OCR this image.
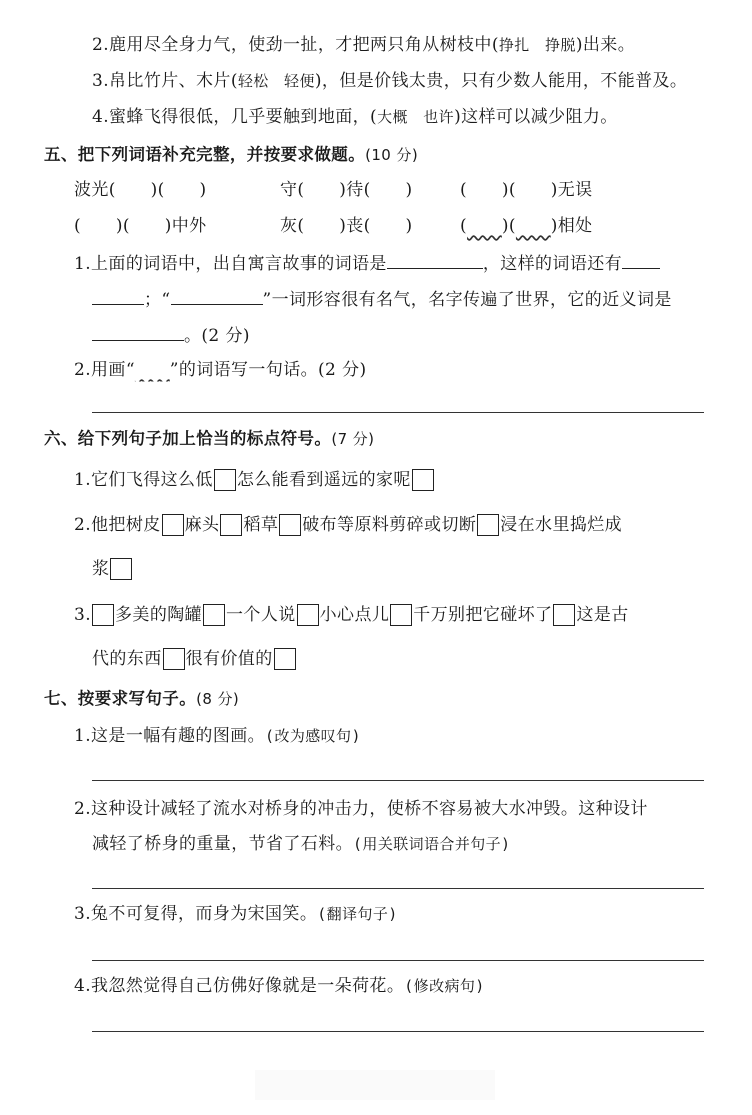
2.鹿用尽全身力气，使劲一扯，才把两只角从树枝中(挣扎　挣脱)出来。
3.帛比竹片、木片(轻松　轻便)，但是价钱太贵，只有少数人能用，不能普及。
4.蜜蜂飞得很低，几乎要触到地面，(大概　也许)这样可以减少阻力。
五、把下列词语补充完整，并按要求做题。(10 分)
波光(　　)(　　)	守(　　)待(　　)	(　　)(　　)无误
(　　)(　　)中外	灰(　　)丧(　　)	(　　 )(　　 )相处
1.上面的词语中，出自寓言故事的词语是	，这样的词语还有
；“	”一词形容很有名气，名字传遍了世界，它的近义词是
。(2 分)
2.用画“　　 ”的词语写一句话。(2 分)
六、给下列句子加上恰当的标点符号。(7 分)
1.它们飞得这么低 怎么能看到遥远的家呢
2.他把树皮 麻头 稻草 破布等原料剪碎或切断 浸在水里捣烂成
浆
3. 多美的陶罐 一个人说 小心点儿 千万别把它碰坏了 这是古
代的东西 很有价值的
七、按要求写句子。(8 分)
1.这是一幅有趣的图画。(改为感叹句)
2.这种设计减轻了流水对桥身的冲击力，使桥不容易被大水冲毁。这种设计
减轻了桥身的重量，节省了石料。(用关联词语合并句子)
3.兔不可复得，而身为宋国笑。(翻译句子)
4.我忽然觉得自己仿佛好像就是一朵荷花。(修改病句)
